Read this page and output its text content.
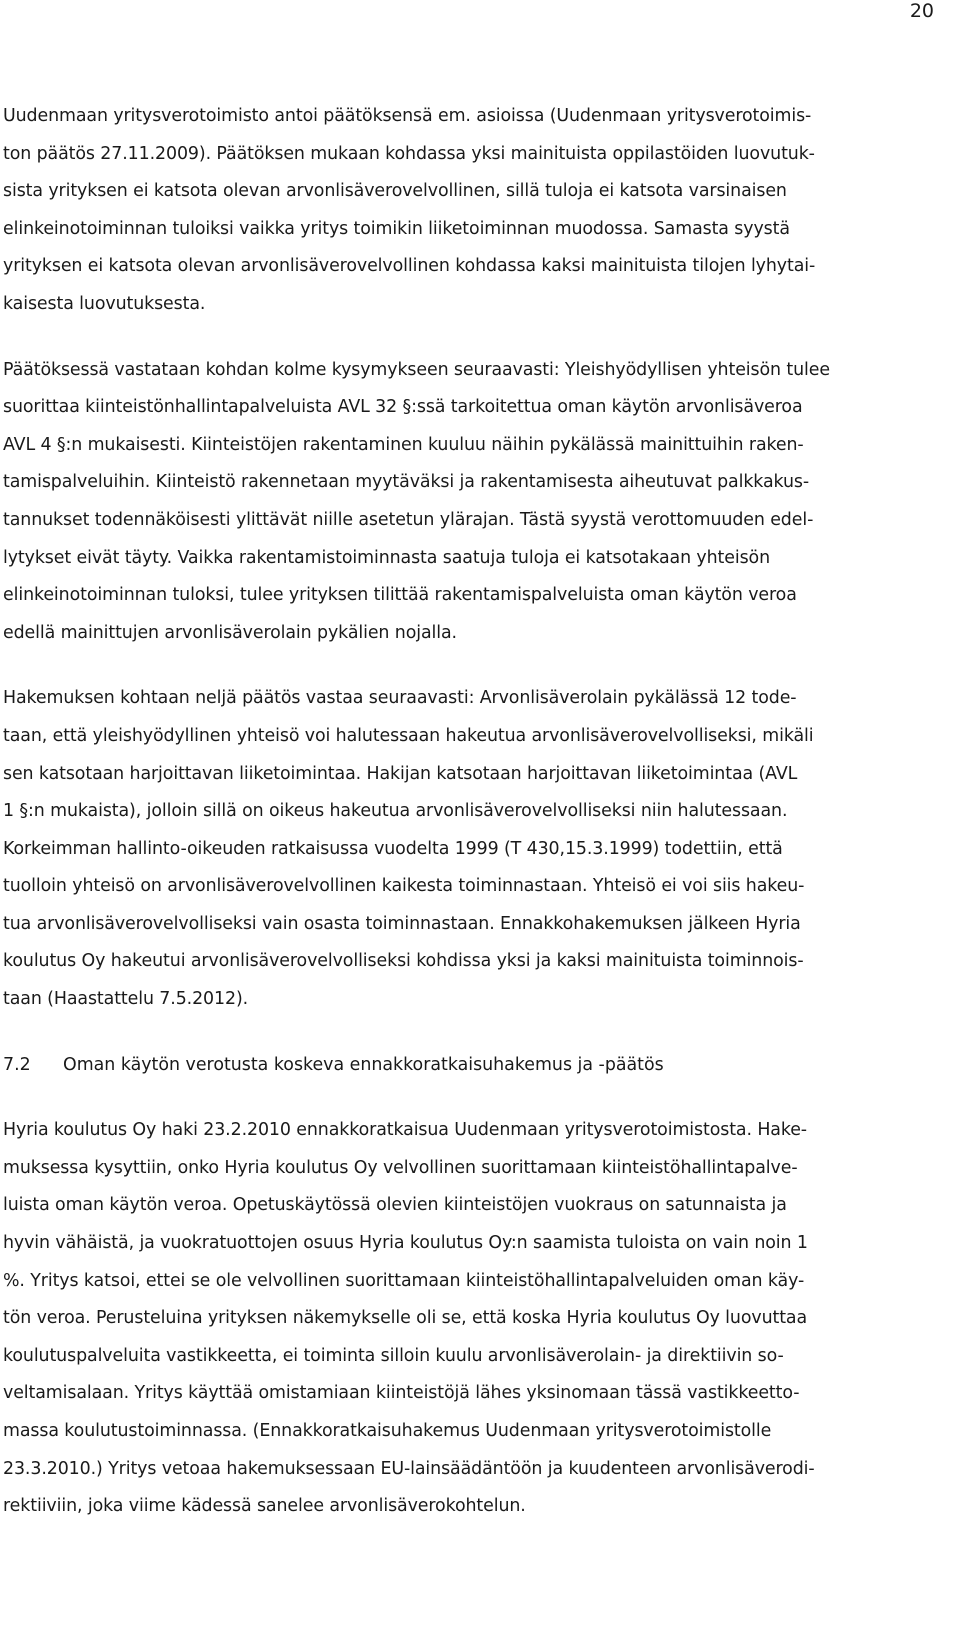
20

Uudenmaan yritysverotoimisto antoi päätöksensä em. asioissa (Uudenmaan yritysverotoimis-
ton päätös 27.11.2009). Päätöksen mukaan kohdassa yksi mainituista oppilastöiden luovutuk-
sista yrityksen ei katsota olevan arvonlisäverovelvollinen, sillä tuloja ei katsota varsinaisen
elinkeinotoiminnan tuloiksi vaikka yritys toimikin liiketoiminnan muodossa. Samasta syystä
yrityksen ei katsota olevan arvonlisäverovelvollinen kohdassa kaksi mainituista tilojen lyhytai-
kaisesta luovutuksesta.

Päätöksessä vastataan kohdan kolme kysymykseen seuraavasti: Yleishyödyllisen yhteisön tulee
suorittaa kiinteistönhallintapalveluista AVL 32 §:ssä tarkoitettua oman käytön arvonlisäveroa
AVL 4 §:n mukaisesti. Kiinteistöjen rakentaminen kuuluu näihin pykälässä mainittuihin raken-
tamispalveluihin. Kiinteistö rakennetaan myytäväksi ja rakentamisesta aiheutuvat palkkakus-
tannukset todennäköisesti ylittävät niille asetetun ylärajan. Tästä syystä verottomuuden edel-
lytykset eivät täyty. Vaikka rakentamistoiminnasta saatuja tuloja ei katsotakaan yhteisön
elinkeinotoiminnan tuloksi, tulee yrityksen tilittää rakentamispalveluista oman käytön veroa
edellä mainittujen arvonlisäverolain pykälien nojalla.

Hakemuksen kohtaan neljä päätös vastaa seuraavasti: Arvonlisäverolain pykälässä 12 tode-
taan, että yleishyödyllinen yhteisö voi halutessaan hakeutua arvonlisäverovelvolliseksi, mikäli
sen katsotaan harjoittavan liiketoimintaa. Hakijan katsotaan harjoittavan liiketoimintaa (AVL
1 §:n mukaista), jolloin sillä on oikeus hakeutua arvonlisäverovelvolliseksi niin halutessaan.
Korkeimman hallinto-oikeuden ratkaisussa vuodelta 1999 (T 430,15.3.1999) todettiin, että
tuolloin yhteisö on arvonlisäverovelvollinen kaikesta toiminnastaan. Yhteisö ei voi siis hakeu-
tua arvonlisäverovelvolliseksi vain osasta toiminnastaan. Ennakkohakemuksen jälkeen Hyria
koulutus Oy hakeutui arvonlisäverovelvolliseksi kohdissa yksi ja kaksi mainituista toiminnois-
taan (Haastattelu 7.5.2012).

7.2	Oman käytön verotusta koskeva ennakkoratkaisuhakemus ja -päätös

Hyria koulutus Oy haki 23.2.2010 ennakkoratkaisua Uudenmaan yritysverotoimistosta. Hake-
muksessa kysyttiin, onko Hyria koulutus Oy velvollinen suorittamaan kiinteistöhallintapalve-
luista oman käytön veroa. Opetuskäytössä olevien kiinteistöjen vuokraus on satunnaista ja
hyvin vähäistä, ja vuokratuottojen osuus Hyria koulutus Oy:n saamista tuloista on vain noin 1
%. Yritys katsoi, ettei se ole velvollinen suorittamaan kiinteistöhallintapalveluiden oman käy-
tön veroa. Perusteluina yrityksen näkemykselle oli se, että koska Hyria koulutus Oy luovuttaa
koulutuspalveluita vastikkeetta, ei toiminta silloin kuulu arvonlisäverolain- ja direktiivin so-
veltamisalaan. Yritys käyttää omistamiaan kiinteistöjä lähes yksinomaan tässä vastikkeetto-
massa koulutustoiminnassa. (Ennakkoratkaisuhakemus Uudenmaan yritysverotoimistolle
23.3.2010.) Yritys vetoaa hakemuksessaan EU-lainsäädäntöön ja kuudenteen arvonlisäverodi-
rektiiviin, joka viime kädessä sanelee arvonlisäverokohtelun.
